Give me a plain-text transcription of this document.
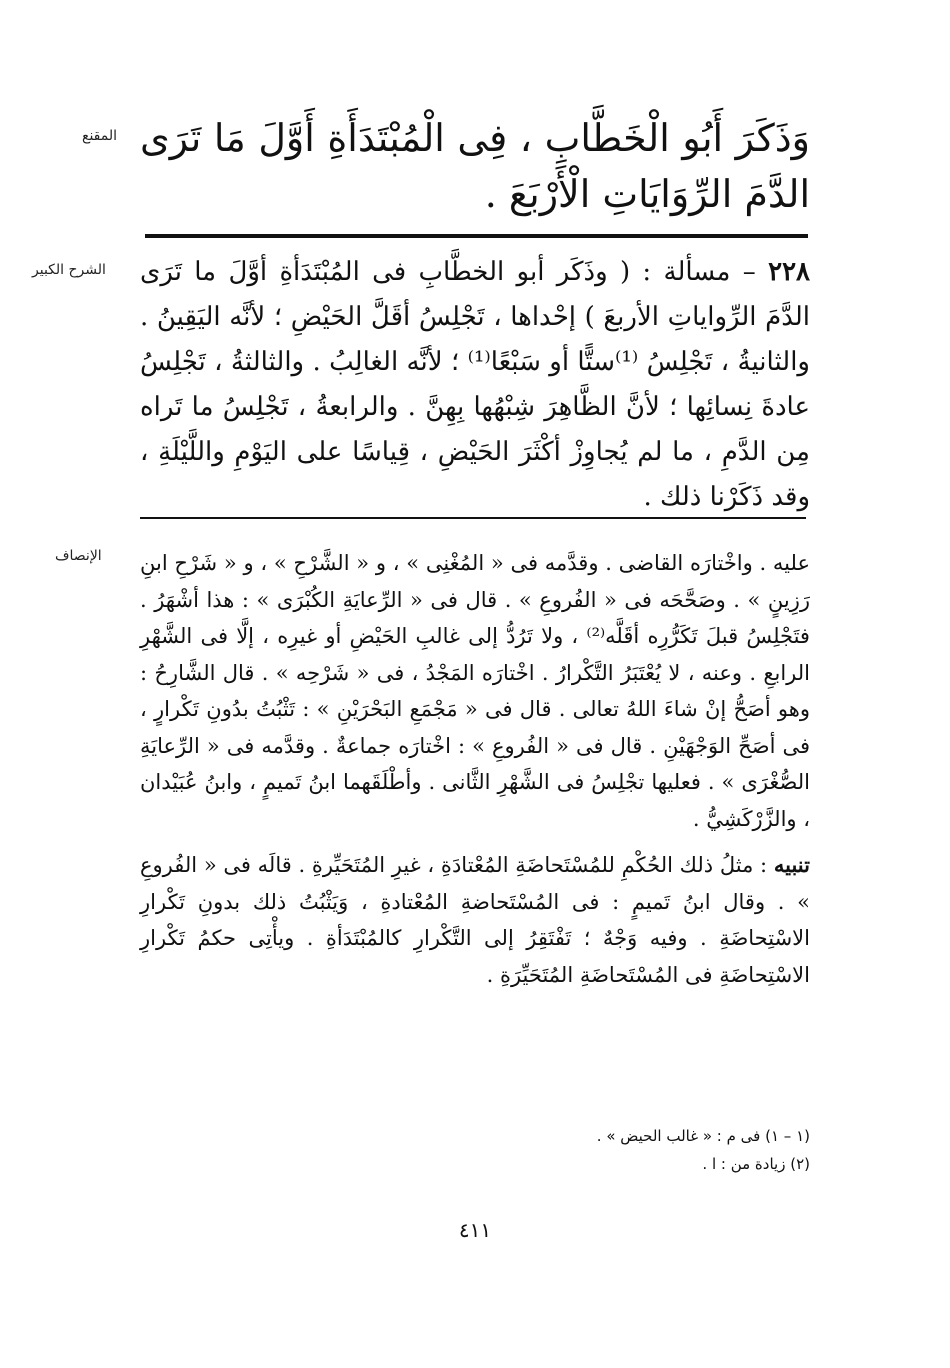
المقنع وَذَكَرَ أَبُو الْخَطَّابِ ، فِى الْمُبْتَدَأَةِ أَوَّلَ مَا تَرَى الدَّمَ الرِّوَايَاتِ الْأَرْبَعَ .

الشرح الكبير	٢٢٨ – مسألة : ( وذَكَر أبو الخطَّابِ فى المُبْتَدَأةِ أوَّلَ ما تَرَى الدَّمَ الرِّواياتِ الأربعَ ) إحْداها ، تَجْلِسُ أقَلَّ الحَيْضِ ؛ لأنَّه اليَقِينُ . والثانيةُ ، تَجْلِسُ ⁽¹⁾ستًّا أو سَبْعًا⁽¹⁾ ؛ لأنَّه الغالِبُ . والثالثةُ ، تَجْلِسُ عادةَ نِسائِها ؛ لأنَّ الظَّاهِرَ شِبْهُها بِهِنَّ . والرابعةُ ، تَجْلِسُ ما تَراه مِن الدَّمِ ، ما لم يُجاوِزْ أكْثَرَ الحَيْضِ ، قِياسًا على اليَوْمِ واللَّيْلَةِ ، وقد ذَكَرْنا ذلك .

الإنصاف عليه . واخْتارَه القاضى . وقدَّمه فى « المُغْنِى » ، و « الشَّرْحِ » ، و « شَرْحِ ابنِ رَزِينٍ » . وصَحَّحَه فى « الفُروعِ » . قال فى « الرِّعايَةِ الكُبْرَى » : هذا أشْهَرُ . فتَجْلِسُ قبلَ تَكَرُّرِه أقَلَّه⁽²⁾ ، ولا تَرُدُّ إلى غالبِ الحَيْضِ أو غيرِه ، إلَّا فى الشَّهْرِ الرابعِ . وعنه ، لا يُعْتَبَرُ التَّكْرارُ . اخْتارَه المَجْدُ ، فى « شَرْحِه » . قال الشَّارِحُ : وهو أصَحُّ إنْ شاءَ اللهُ تعالى . قال فى « مَجْمَعِ البَحْرَيْنِ » : تَثْبُتُ بدُونِ تَكْرارٍ ، فى أصَحِّ الوَجْهَيْنِ . قال فى « الفُروعِ » : اخْتارَه جماعةٌ . وقدَّمه فى « الرِّعايَةِ الصُّغْرَى » . فعليها تجْلِسُ فى الشَّهْرِ الثَّانى . وأطْلَقَهما ابنُ تَميمٍ ، وابنُ عُبَيْدان ، والزَّرْكَشِيُّ .

تنبيه : مثلُ ذلك الحُكْمِ للمُسْتَحاضَةِ المُعْتادَةِ ، غيرِ المُتَحَيِّرةِ . قالَه فى « الفُروعِ » . وقال ابنُ تَميمٍ : فى المُسْتَحاضةِ المُعْتادةِ ، وَيَثْبُتُ ذلك بدونِ تَكْرارِ الاسْتِحاضَةِ . وفيه وَجْهٌ ؛ تَفْتَقِرُ إلى التَّكْرارِ كالمُبْتَدَأةِ . ويأْتِى حكمُ تَكْرارِ الاسْتِحاضَةِ فى المُسْتَحاضَةِ المُتَحَيِّرَةِ .

(١ – ١) فى م : « غالب الحيض » .

(٢) زيادة من : ا .

٤١١
